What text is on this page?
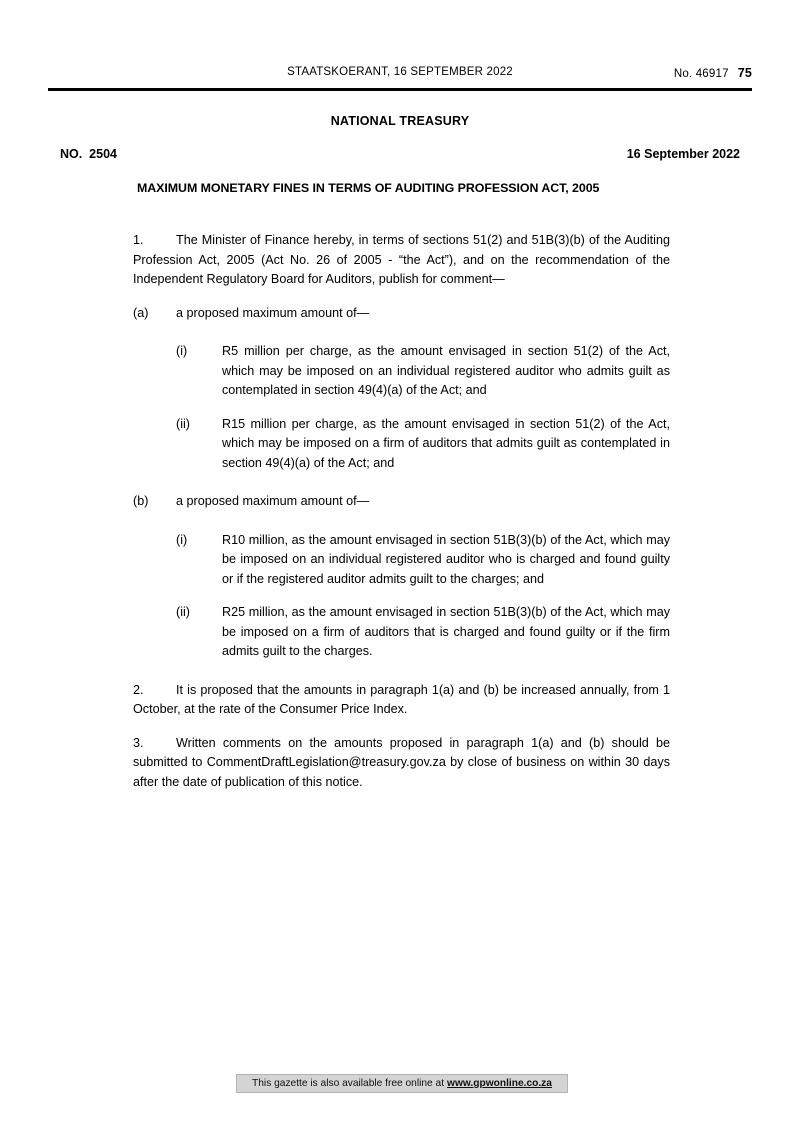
STAATSKOERANT, 16 SEPTEMBER 2022	No. 46917 75
NATIONAL TREASURY
NO.  2504	16 September 2022
MAXIMUM MONETARY FINES IN TERMS OF AUDITING PROFESSION ACT, 2005

1.	The Minister of Finance hereby, in terms of sections 51(2) and 51B(3)(b) of the Auditing Profession Act, 2005 (Act No. 26 of 2005 - “the Act”), and on the recommendation of the Independent Regulatory Board for Auditors, publish for comment—

(a) a proposed maximum amount of—
(i)	R5 million per charge, as the amount envisaged in section 51(2) of the Act, which may be imposed on an individual registered auditor who admits guilt as contemplated in section 49(4)(a) of the Act; and
(ii)	R15 million per charge, as the amount envisaged in section 51(2) of the Act, which may be imposed on a firm of auditors that admits guilt as contemplated in section 49(4)(a) of the Act; and
(b) a proposed maximum amount of—
(i)	R10 million, as the amount envisaged in section 51B(3)(b) of the Act, which may be imposed on an individual registered auditor who is charged and found guilty or if the registered auditor admits guilt to the charges; and
(ii)	R25 million, as the amount envisaged in section 51B(3)(b) of the Act, which may be imposed on a firm of auditors that is charged and found guilty or if the firm admits guilt to the charges.

2.	It is proposed that the amounts in paragraph 1(a) and (b) be increased annually, from 1 October, at the rate of the Consumer Price Index.

3.	Written comments on the amounts proposed in paragraph 1(a) and (b) should be submitted to CommentDraftLegislation@treasury.gov.za by close of business on within 30 days after the date of publication of this notice.

This gazette is also available free online at www.gpwonline.co.za
